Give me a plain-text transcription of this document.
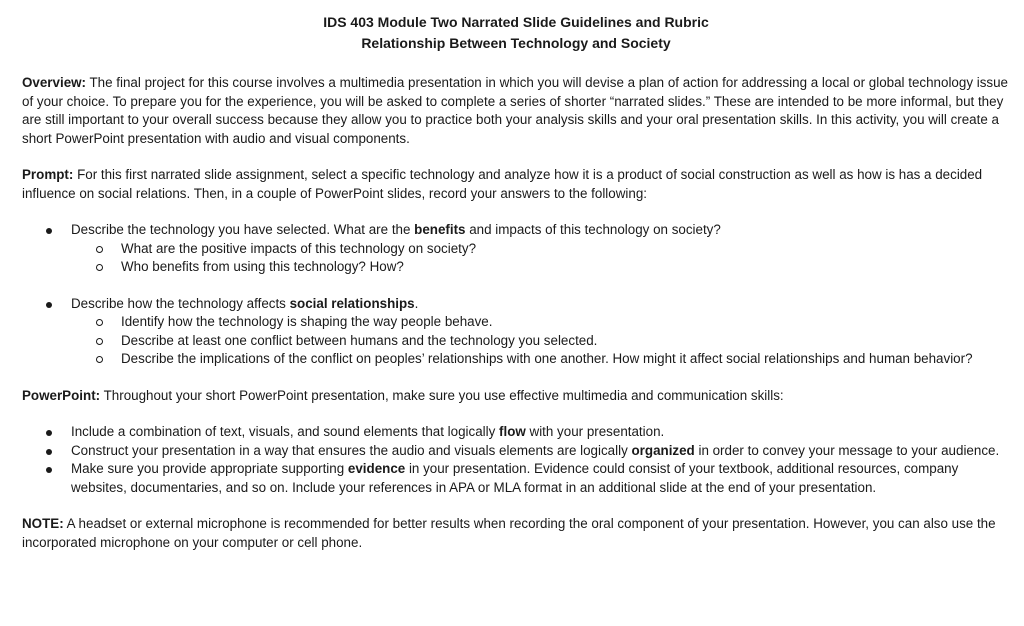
IDS 403 Module Two Narrated Slide Guidelines and Rubric
Relationship Between Technology and Society

Overview: The final project for this course involves a multimedia presentation in which you will devise a plan of action for addressing a local or global technology issue of your choice. To prepare you for the experience, you will be asked to complete a series of shorter “narrated slides.” These are intended to be more informal, but they are still important to your overall success because they allow you to practice both your analysis skills and your oral presentation skills. In this activity, you will create a short PowerPoint presentation with audio and visual components.

Prompt: For this first narrated slide assignment, select a specific technology and analyze how it is a product of social construction as well as how is has a decided influence on social relations. Then, in a couple of PowerPoint slides, record your answers to the following:

Describe the technology you have selected. What are the benefits and impacts of this technology on society?
What are the positive impacts of this technology on society?
Who benefits from using this technology? How?
Describe how the technology affects social relationships.
Identify how the technology is shaping the way people behave.
Describe at least one conflict between humans and the technology you selected.
Describe the implications of the conflict on peoples’ relationships with one another. How might it affect social relationships and human behavior?

PowerPoint: Throughout your short PowerPoint presentation, make sure you use effective multimedia and communication skills:

Include a combination of text, visuals, and sound elements that logically flow with your presentation.
Construct your presentation in a way that ensures the audio and visuals elements are logically organized in order to convey your message to your audience.
Make sure you provide appropriate supporting evidence in your presentation. Evidence could consist of your textbook, additional resources, company websites, documentaries, and so on. Include your references in APA or MLA format in an additional slide at the end of your presentation.

NOTE: A headset or external microphone is recommended for better results when recording the oral component of your presentation. However, you can also use the incorporated microphone on your computer or cell phone.
